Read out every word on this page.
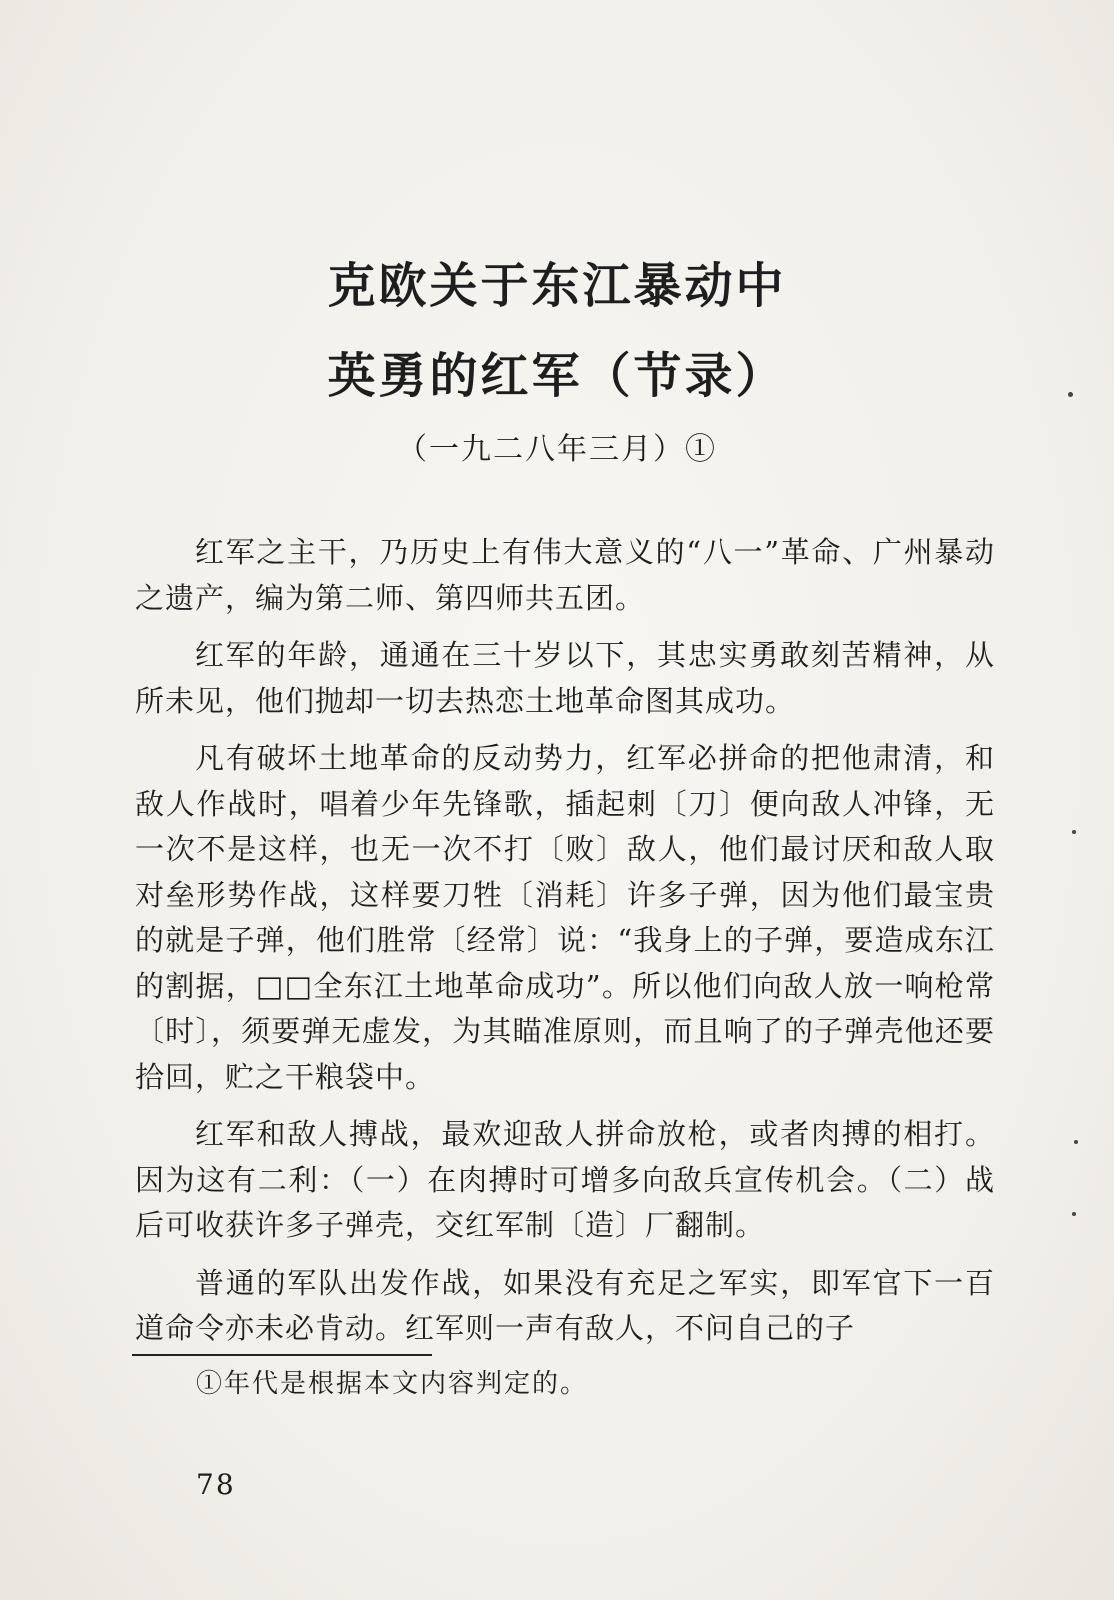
克欧关于东江暴动中
英勇的红军（节录）
（一九二八年三月）①

红军之主干，乃历史上有伟大意义的“八一”革命、广州暴动之遗产，编为第二师、第四师共五团。

红军的年龄，通通在三十岁以下，其忠实勇敢刻苦精神，从所未见，他们抛却一切去热恋土地革命图其成功。

凡有破坏土地革命的反动势力，红军必拼命的把他肃清，和敌人作战时，唱着少年先锋歌，插起刺〔刀〕便向敌人冲锋，无一次不是这样，也无一次不打〔败〕敌人，他们最讨厌和敌人取对垒形势作战，这样要刀牲〔消耗〕许多子弹，因为他们最宝贵的就是子弹，他们胜常〔经常〕说：“我身上的子弹，要造成东江的割据，□□全东江土地革命成功”。所以他们向敌人放一响枪常〔时〕，须要弹无虚发，为其瞄准原则，而且响了的子弹壳他还要拾回，贮之干粮袋中。

红军和敌人搏战，最欢迎敌人拼命放枪，或者肉搏的相打。因为这有二利：（一）在肉搏时可增多向敌兵宣传机会。（二）战后可收获许多子弹壳，交红军制〔造〕厂翻制。

普通的军队出发作战，如果没有充足之军实，即军官下一百道命令亦未必肯动。红军则一声有敌人，不问自己的子

①年代是根据本文内容判定的。
78
